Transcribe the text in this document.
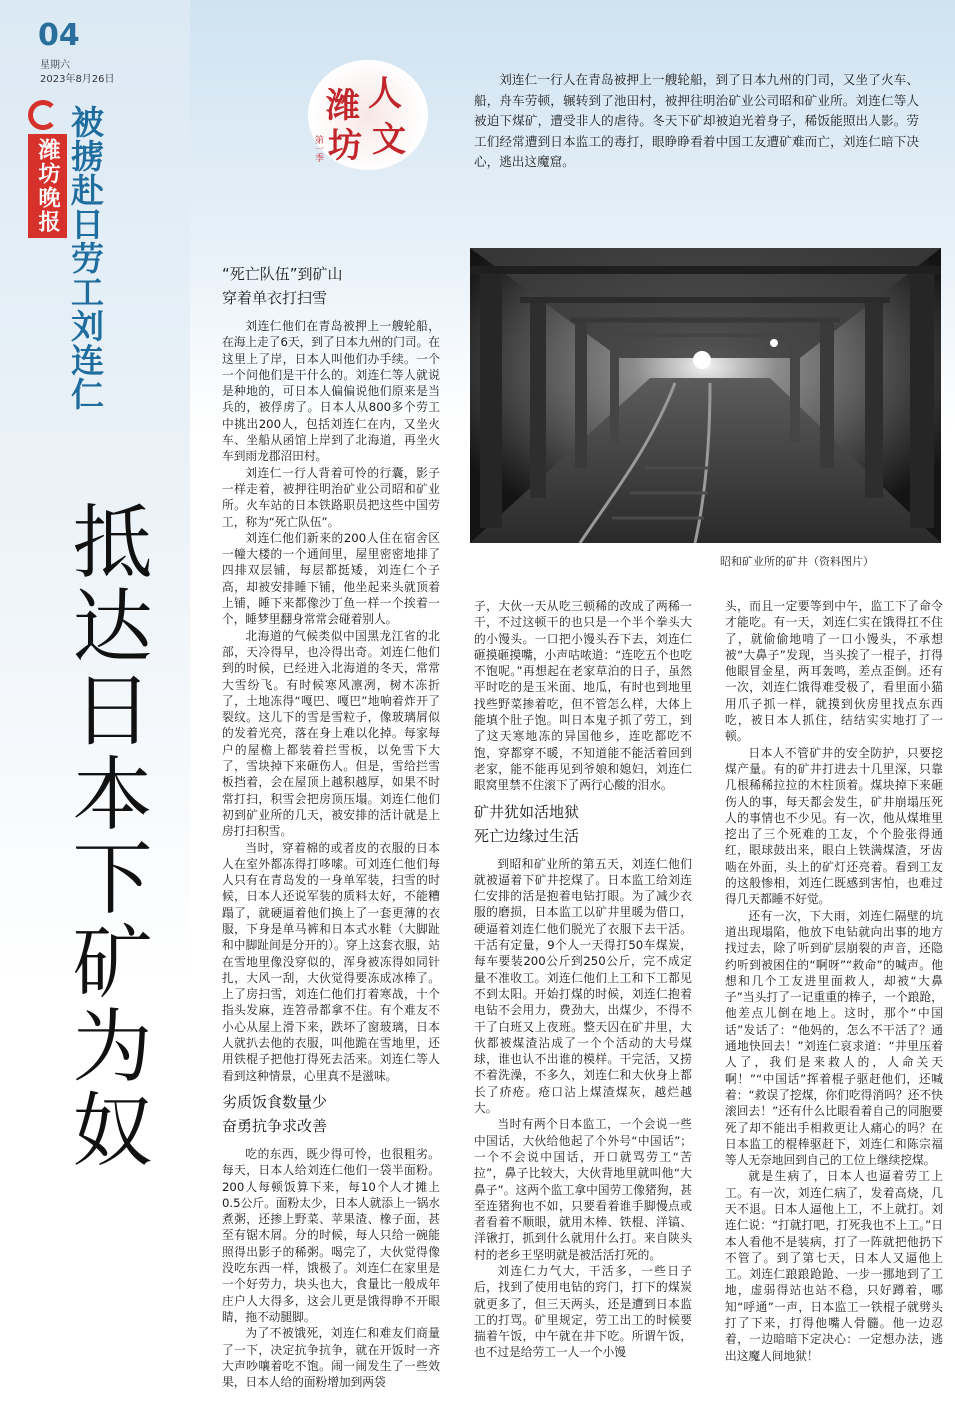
04
星期六
2023年8月26日
潍坊晚报 被掳赴日劳工刘连仁
抵达日本下矿为奴
潍 人
坊 文
第一季
刘连仁一行人在青岛被押上一艘轮船，到了日本九州的门司，又坐了火车、船，舟车劳顿，辗转到了池田村，被押往明治矿业公司昭和矿业所。刘连仁等人被迫下煤矿，遭受非人的虐待。冬天下矿却被迫光着身子，稀饭能照出人影。劳工们经常遭到日本监工的毒打，眼睁睁看着中国工友遭矿难而亡，刘连仁暗下决心，逃出这魔窟。
昭和矿业所的矿井（资料图片）

“死亡队伍”到矿山

穿着单衣打扫雪

刘连仁他们在青岛被押上一艘轮船，在海上走了6天，到了日本九州的门司。在这里上了岸，日本人叫他们办手续。一个一个问他们是干什么的。刘连仁等人就说是种地的，可日本人偏偏说他们原来是当兵的，被俘虏了。日本人从800多个劳工中挑出200人，包括刘连仁在内，又坐火车、坐船从函馆上岸到了北海道，再坐火车到雨龙郡沼田村。

刘连仁一行人背着可怜的行囊，影子一样走着，被押往明治矿业公司昭和矿业所。火车站的日本铁路职员把这些中国劳工，称为“死亡队伍”。

刘连仁他们新来的200人住在宿舍区一幢大楼的一个通间里，屋里密密地排了四排双层铺，每层都挺矮，刘连仁个子高，却被安排睡下铺，他坐起来头就顶着上铺，睡下来都像沙丁鱼一样一个挨着一个，睡梦里翻身常常会碰着别人。

北海道的气候类似中国黑龙江省的北部，天冷得早，也冷得出奇。刘连仁他们到的时候，已经进入北海道的冬天，常常大雪纷飞。有时候寒风凛冽，树木冻折了，土地冻得“嘎巴、嘎巴”地响着炸开了裂纹。这儿下的雪是雪粒子，像玻璃屑似的发着光亮，落在身上难以化掉。每家每户的屋檐上都装着拦雪板，以免雪下大了，雪块掉下来砸伤人。但是，雪给拦雪板挡着，会在屋顶上越积越厚，如果不时常打扫，积雪会把房顶压塌。刘连仁他们初到矿业所的几天，被安排的活计就是上房打扫积雪。

当时，穿着棉的或者皮的衣服的日本人在室外都冻得打哆嗦。可刘连仁他们每人只有在青岛发的一身单军装，扫雪的时候，日本人还说军装的质料太好，不能糟蹋了，就硬逼着他们换上了一套更薄的衣服，下身是单马裤和日本式水鞋（大脚趾和中脚趾间是分开的）。穿上这套衣服，站在雪地里像没穿似的，浑身被冻得如同针扎，大风一刮，大伙觉得要冻成冰棒了。上了房扫雪，刘连仁他们打着寒战，十个指头发麻，连笤帚都拿不住。有个难友不小心从屋上滑下来，跌坏了窗玻璃，日本人就扒去他的衣服，叫他跪在雪地里，还用铁棍子把他打得死去活来。刘连仁等人看到这种情景，心里真不是滋味。

劣质饭食数量少

奋勇抗争求改善

吃的东西，既少得可怜，也很粗劣。每天，日本人给刘连仁他们一袋半面粉。200人每顿饭算下来，每10个人才摊上0.5公斤。面粉太少，日本人就添上一锅水煮粥，还掺上野菜、苹果渣、橡子面，甚至有锯木屑。分的时候，每人只给一碗能照得出影子的稀粥。喝完了，大伙觉得像没吃东西一样，饿极了。刘连仁在家里是一个好劳力，块头也大，食量比一般成年庄户人大得多，这会儿更是饿得睁不开眼睛，拖不动腿脚。

为了不被饿死，刘连仁和难友们商量了一下，决定抗争抗争，就在开饭时一齐大声吵嚷着吃不饱。闹一闹发生了一些效果，日本人给的面粉增加到两袋

子，大伙一天从吃三顿稀的改成了两稀一干，不过这顿干的也只是一个半个拳头大的小馒头。一口把小馒头吞下去，刘连仁砸摸砸摸嘴，小声咕哝道：“连吃五个也吃不饱呢。”再想起在老家草泊的日子，虽然平时吃的是玉米面、地瓜，有时也到地里找些野菜掺着吃，但不管怎么样，大体上能填个肚子饱。叫日本鬼子抓了劳工，到了这天寒地冻的异国他乡，连吃都吃不饱，穿都穿不暖，不知道能不能活着回到老家，能不能再见到爷娘和媳妇，刘连仁眼窝里禁不住滚下了两行心酸的泪水。

矿井犹如活地狱

死亡边缘过生活

到昭和矿业所的第五天，刘连仁他们就被逼着下矿井挖煤了。日本监工给刘连仁安排的活是抱着电钻打眼。为了减少衣服的磨损，日本监工以矿井里暖为借口，硬逼着刘连仁他们脱光了衣服下去干活。干活有定量，9个人一天得打50车煤炭，每车要装200公斤到250公斤，完不成定量不准收工。刘连仁他们上工和下工都见不到太阳。开始打煤的时候，刘连仁抱着电钻不会用力，费劲大，出煤少，不得不干了白班又上夜班。整天囚在矿井里，大伙都被煤渣沾成了一个个活动的大号煤球，谁也认不出谁的模样。干完活，又捞不着洗澡，不多久，刘连仁和大伙身上都长了疥疮。疮口沾上煤渣煤灰，越烂越大。

当时有两个日本监工，一个会说一些中国话，大伙给他起了个外号“中国话”；一个不会说中国话，开口就骂劳工“苦拉”，鼻子比较大，大伙背地里就叫他“大鼻子”。这两个监工拿中国劳工像猪狗，甚至连猪狗也不如，只要看着谁手脚慢点或者看着不顺眼，就用木棒、铁棍、洋镐、洋锹打，抓到什么就用什么打。来自陕头村的老乡王坚明就是被活活打死的。

刘连仁力气大，干活多，一些日子后，找到了使用电钻的窍门，打下的煤炭就更多了，但三天两头，还是遭到日本监工的打骂。矿里规定，劳工出工的时候要揣着午饭，中午就在井下吃。所谓午饭，也不过是给劳工一人一个小馒

头，而且一定要等到中午，监工下了命令才能吃。有一天，刘连仁实在饿得扛不住了，就偷偷地啃了一口小馒头，不承想被“大鼻子”发现，当头挨了一棍子，打得他眼冒金星，两耳轰鸣，差点歪倒。还有一次，刘连仁饿得难受极了，看里面小猫用爪子抓一样，就摸到伙房里找点东西吃，被日本人抓住，结结实实地打了一顿。

日本人不管矿井的安全防护，只要挖煤产量。有的矿井打进去十几里深，只靠几根稀稀拉拉的木柱顶着。煤块掉下来砸伤人的事，每天都会发生，矿井崩塌压死人的事情也不少见。有一次，他从煤堆里挖出了三个死难的工友，个个脸张得通红，眼球鼓出来，眼白上铁满煤渣，牙齿啮在外面，头上的矿灯还亮着。看到工友的这般惨相，刘连仁既感到害怕，也难过得几天都睡不好觉。

还有一次，下大雨，刘连仁隔壁的坑道出现塌陷，他放下电钻就向出事的地方找过去，除了听到矿层崩裂的声音，还隐约听到被困住的“啊呀”“救命”的喊声。他想和几个工友进里面救人，却被“大鼻子”当头打了一记重重的棒子，一个踉跄，他差点儿倒在地上。这时，那个“中国话”发话了：“他妈的，怎么不干活了？通通地快回去！”刘连仁哀求道：“井里压着人了，我们是来救人的，人命关天啊！”“中国话”挥着棍子驱赶他们，还喊着：“救误了挖煤，你们吃得消吗？还不快滚回去！”还有什么比眼看着自己的同胞要死了却不能出手相救更让人痛心的吗？在日本监工的棍棒驱赶下，刘连仁和陈宗福等人无奈地回到自己的工位上继续挖煤。

就是生病了，日本人也逼着劳工上工。有一次，刘连仁病了，发着高烧，几天不退。日本人逼他上工，不上就打。刘连仁说：“打就打吧，打死我也不上工。”日本人看他不是装病，打了一阵就把他扔下不管了。到了第七天，日本人又逼他上工。刘连仁踉踉跄跄、一步一挪地到了工地，虚弱得站也站不稳，只好蹲着，哪知“呼通”一声，日本监工一铁棍子就劈头打了下来，打得他嘴人骨髓。他一边忍着，一边暗暗下定决心：一定想办法，逃出这魔人间地狱！
